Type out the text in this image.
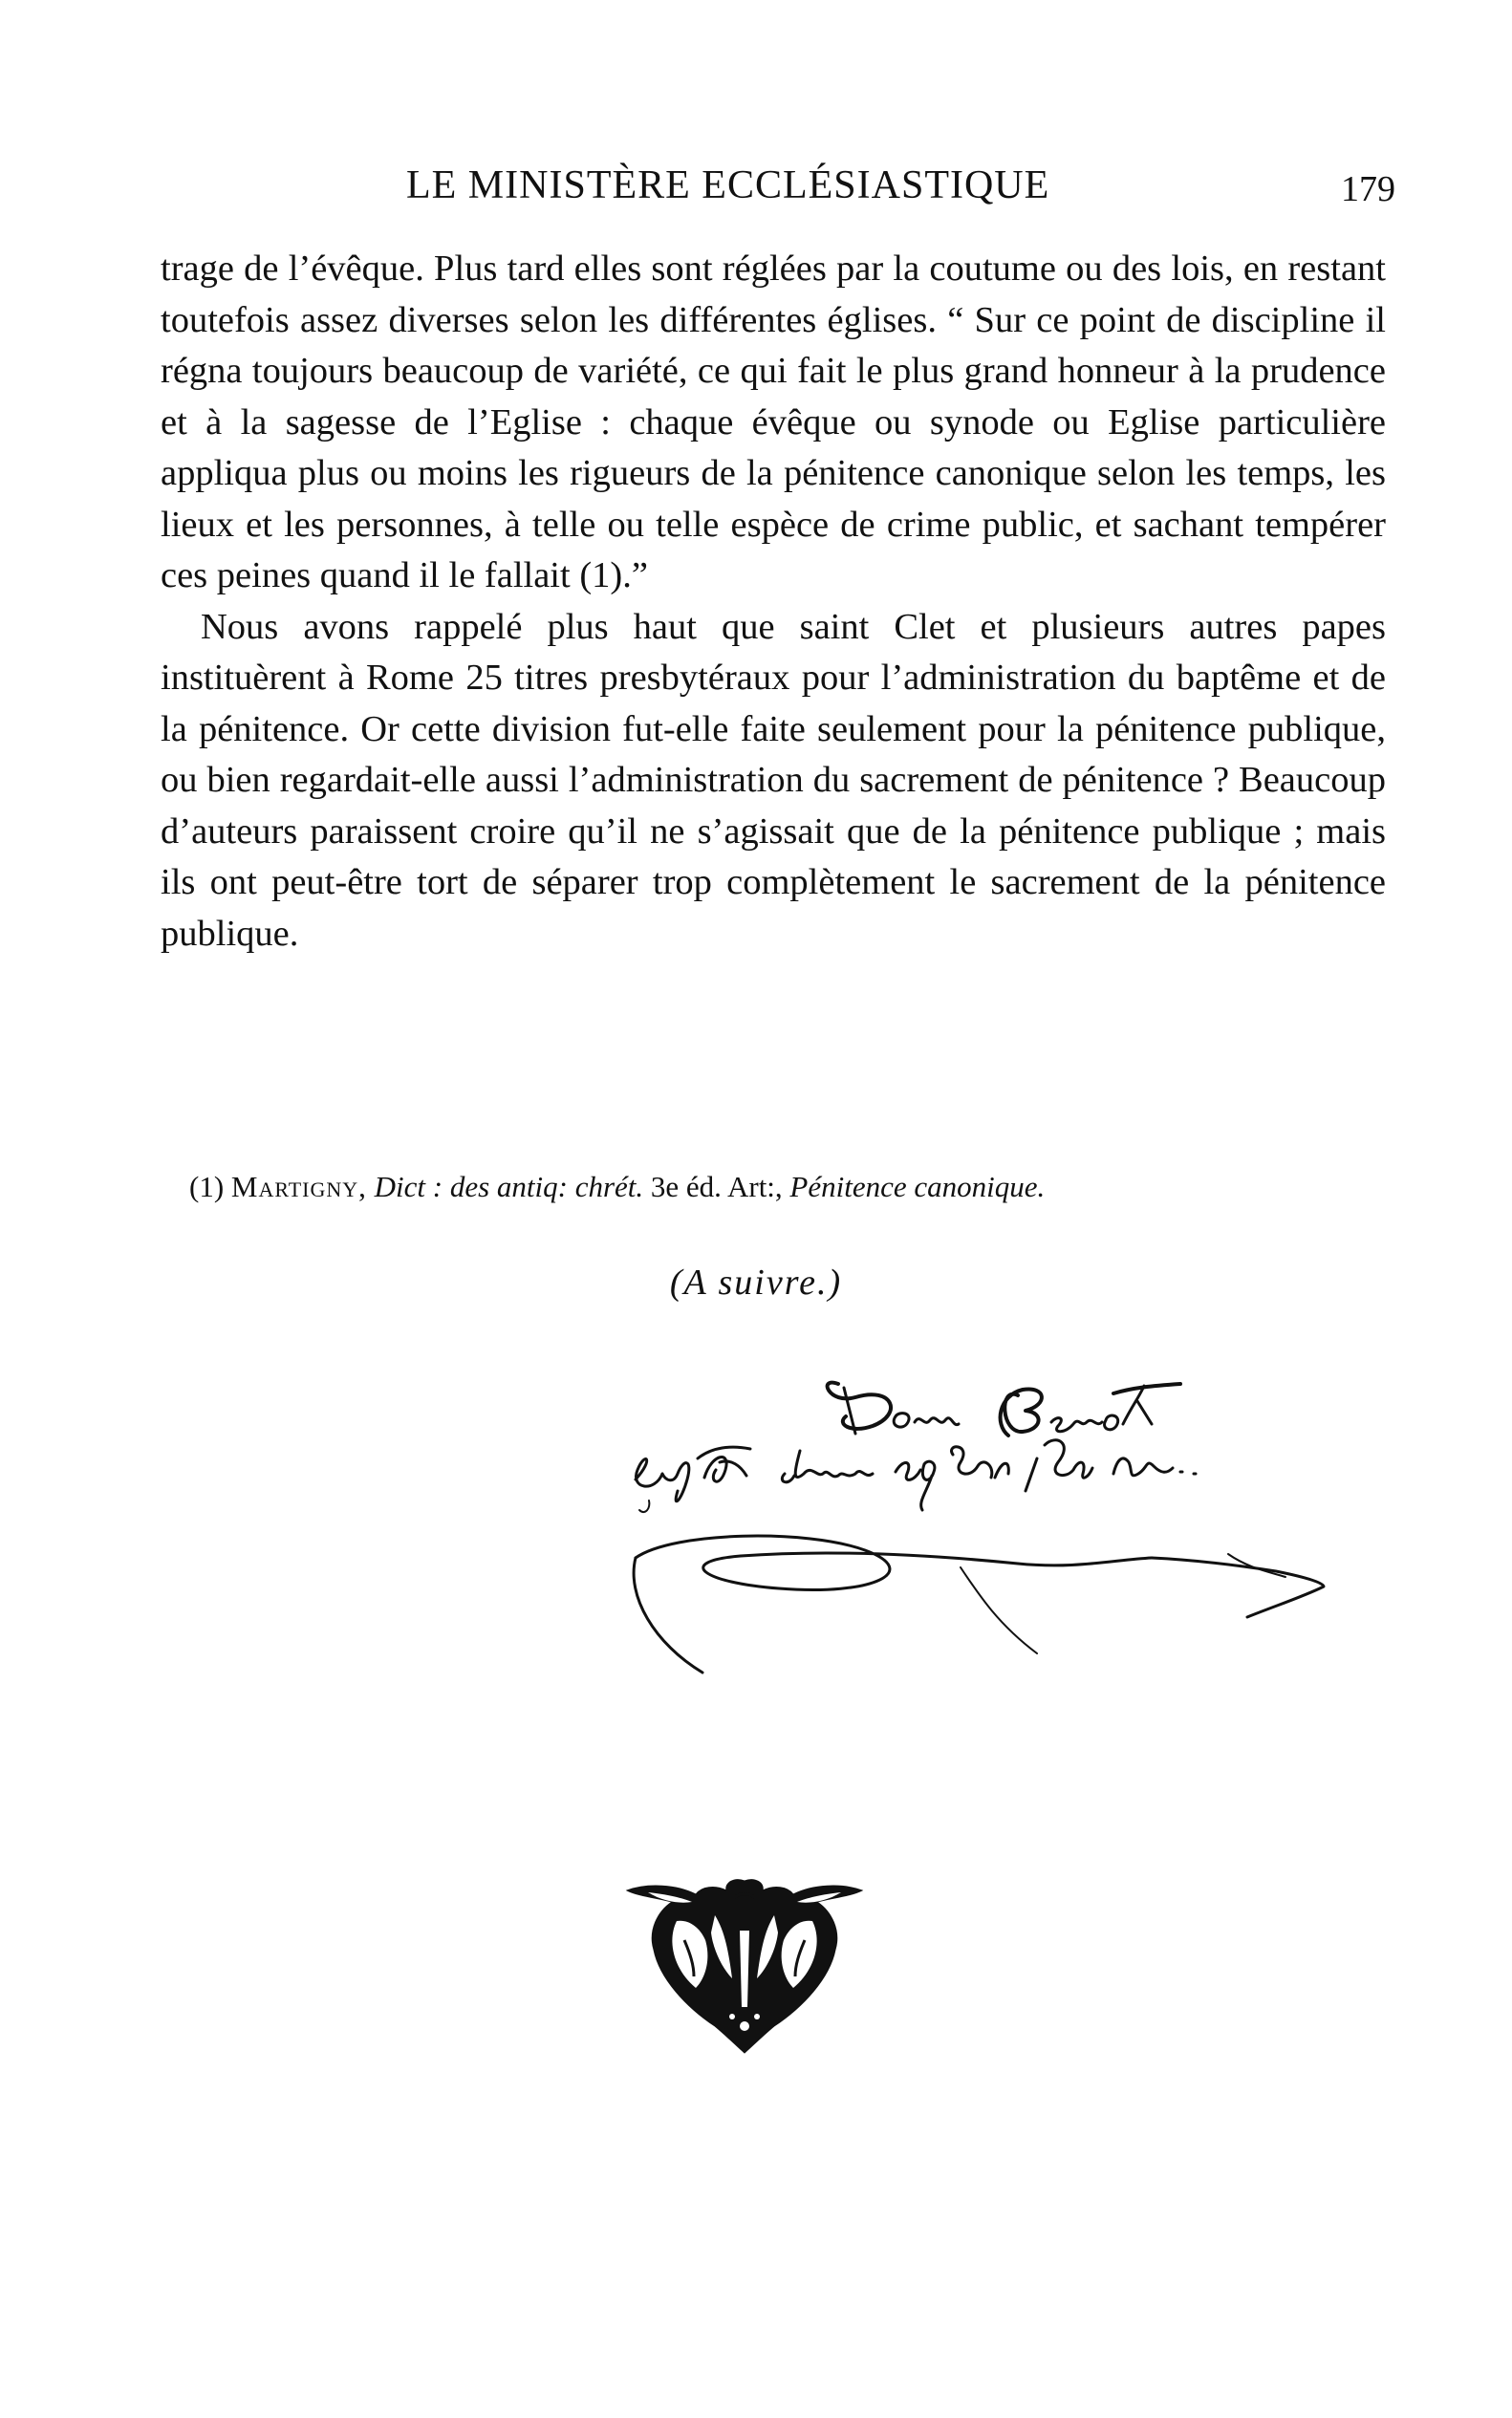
LE MINISTÈRE ECCLÉSIASTIQUE	179

trage de l’évêque. Plus tard elles sont réglées par la coutume ou des lois, en restant toutefois assez diverses selon les différentes églises. “ Sur ce point de discipline il régna toujours beaucoup de variété, ce qui fait le plus grand honneur à la prudence et à la sagesse de l’Eglise : chaque évêque ou synode ou Eglise particulière appliqua plus ou moins les rigueurs de la pénitence canonique selon les temps, les lieux et les personnes, à telle ou telle espèce de crime public, et sachant tempérer ces peines quand il le fallait (1).”

Nous avons rappelé plus haut que saint Clet et plusieurs autres papes instituèrent à Rome 25 titres presbytéraux pour l’administration du baptême et de la pénitence. Or cette division fut-elle faite seulement pour la pénitence publique, ou bien regardait-elle aussi l’administration du sacrement de pénitence ? Beaucoup d’auteurs paraissent croire qu’il ne s’agissait que de la pénitence publique ; mais ils ont peut-être tort de séparer trop complètement le sacrement de la pénitence publique.

(1) Martigny, Dict : des antiq: chrét. 3e éd. Art:, Pénitence canonique.
(A suivre.)
